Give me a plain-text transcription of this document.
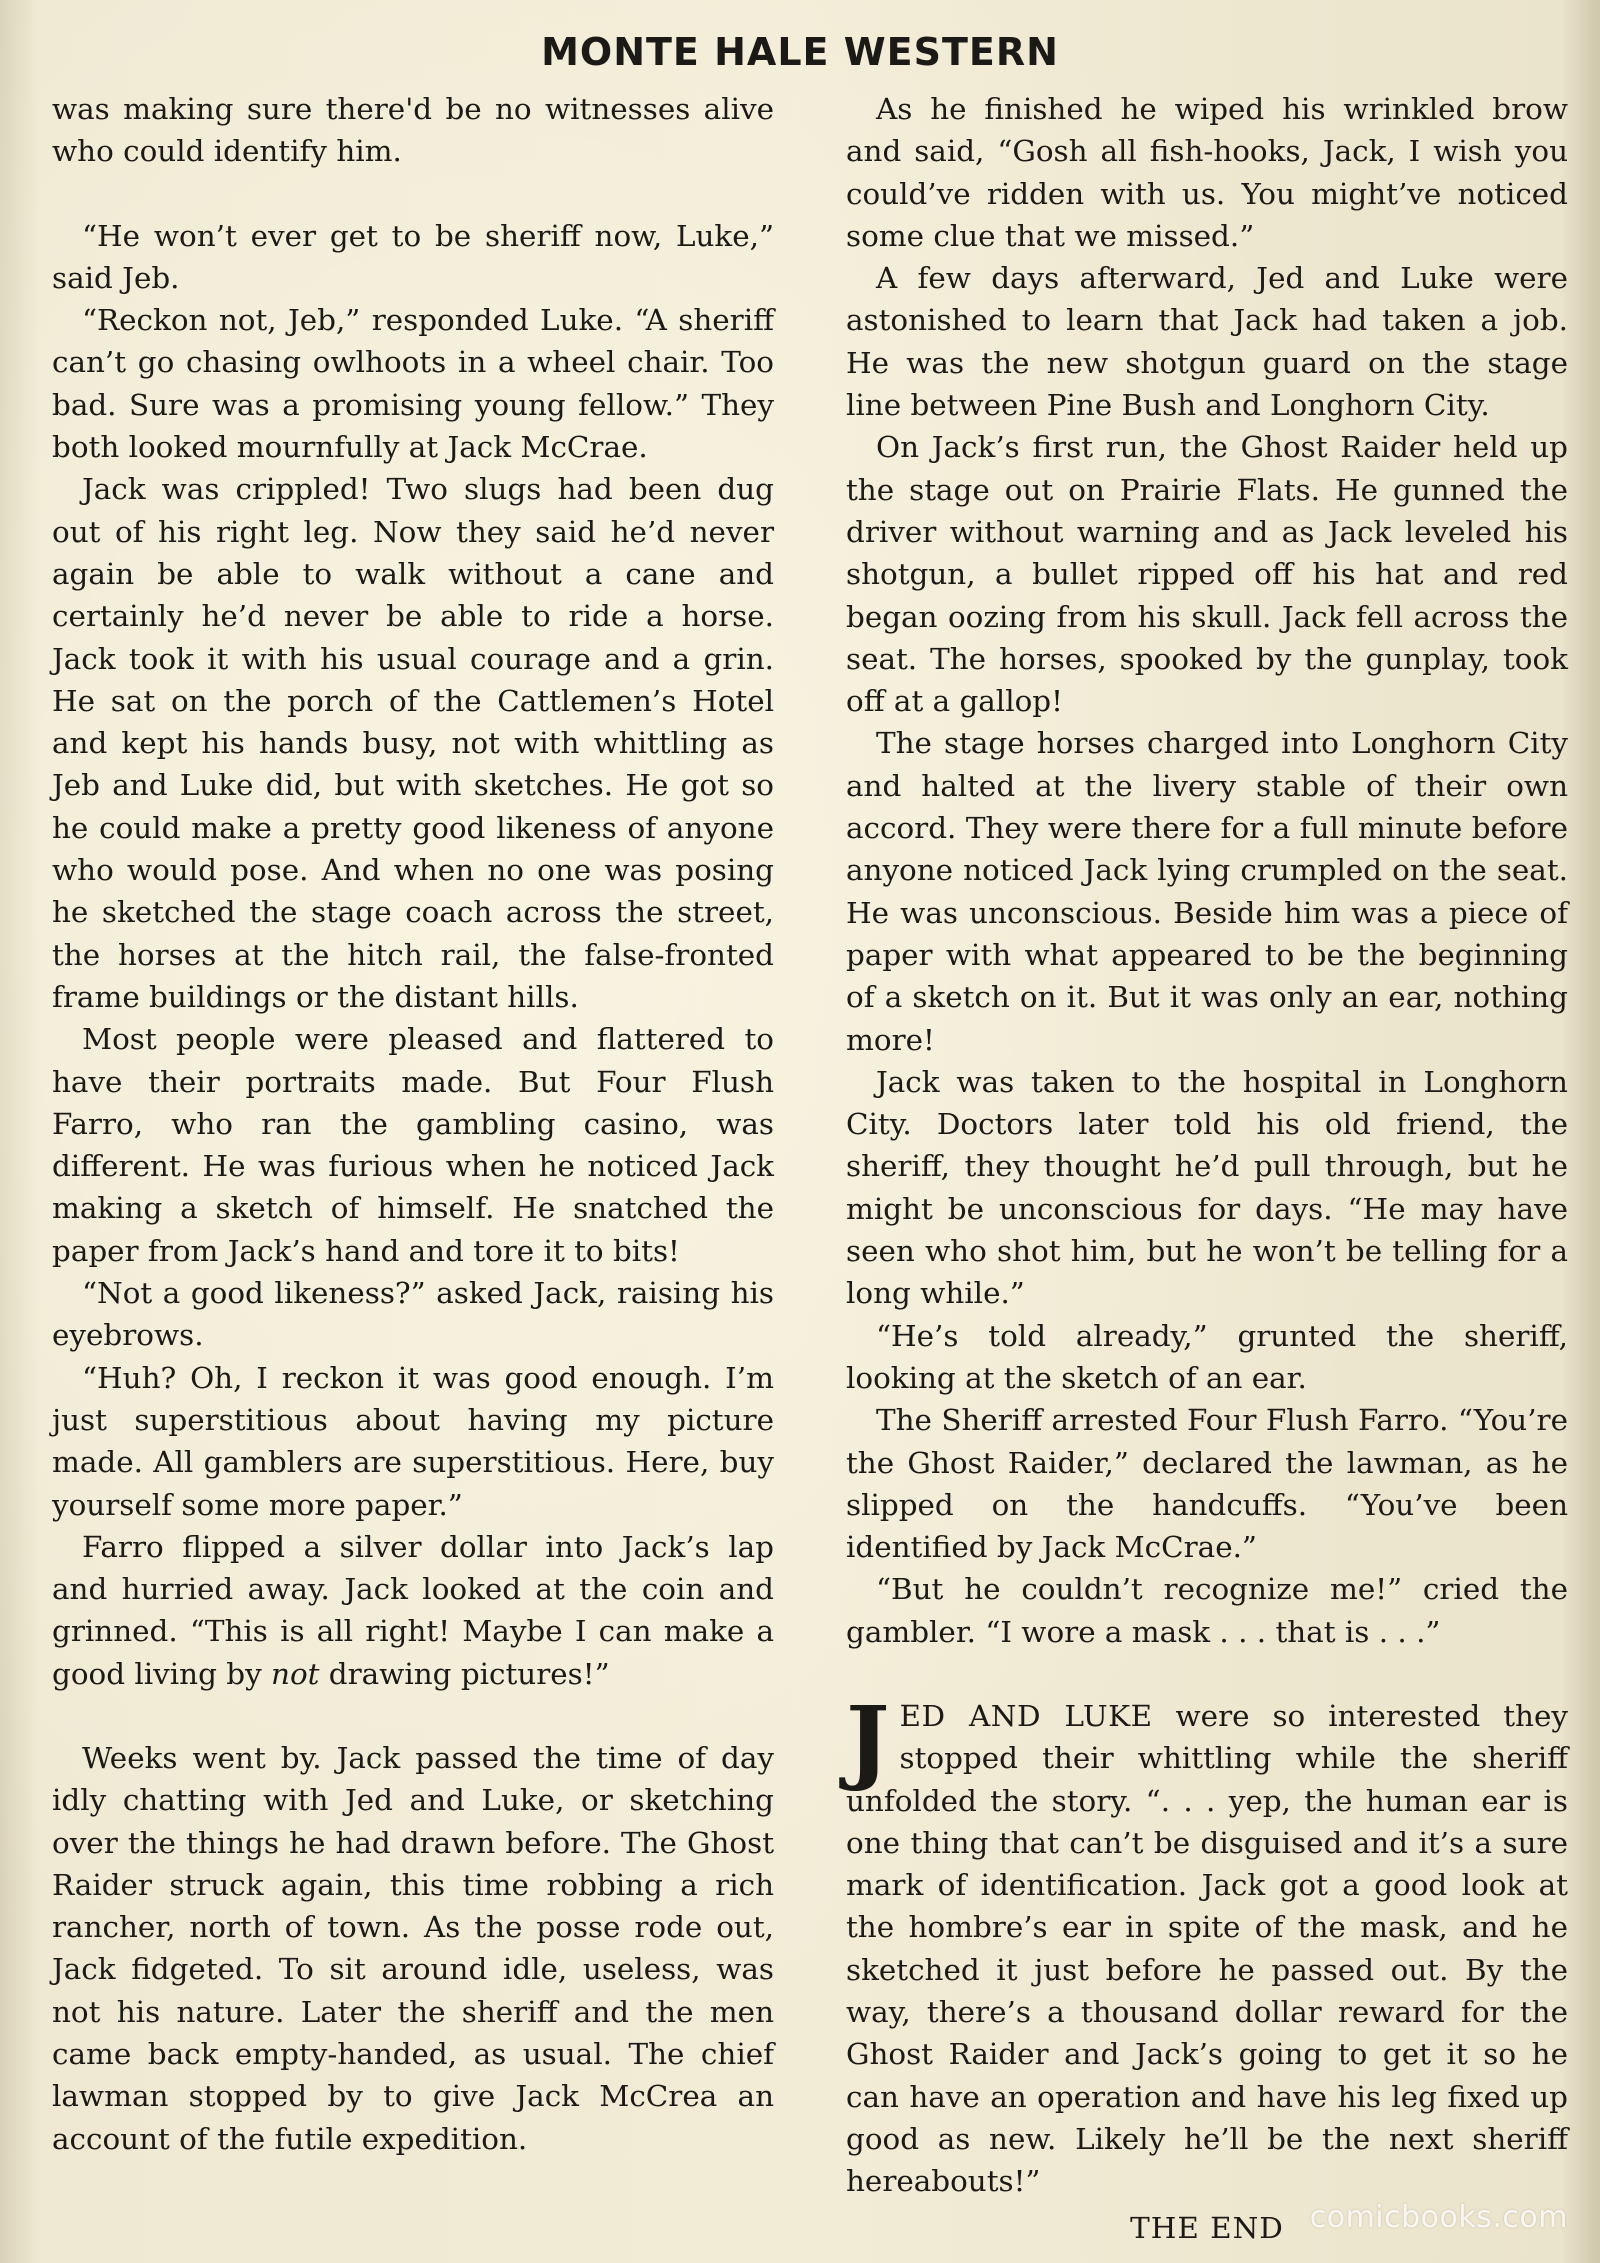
MONTE HALE WESTERN

was making sure there'd be no witnesses alive who could identify him.

“He won’t ever get to be sheriff now, Luke,” said Jeb.

“Reckon not, Jeb,” responded Luke. “A sheriff can’t go chasing owlhoots in a wheel chair. Too bad. Sure was a promising young fellow.” They both looked mournfully at Jack McCrae.

Jack was crippled! Two slugs had been dug out of his right leg. Now they said he’d never again be able to walk without a cane and certainly he’d never be able to ride a horse. Jack took it with his usual courage and a grin. He sat on the porch of the Cattlemen’s Hotel and kept his hands busy, not with whittling as Jeb and Luke did, but with sketches. He got so he could make a pretty good likeness of anyone who would pose. And when no one was posing he sketched the stage coach across the street, the horses at the hitch rail, the false-fronted frame buildings or the distant hills.

Most people were pleased and flattered to have their portraits made. But Four Flush Farro, who ran the gambling casino, was different. He was furious when he noticed Jack making a sketch of himself. He snatched the paper from Jack’s hand and tore it to bits!

“Not a good likeness?” asked Jack, raising his eyebrows.

“Huh? Oh, I reckon it was good enough. I’m just superstitious about having my picture made. All gamblers are superstitious. Here, buy yourself some more paper.”

Farro flipped a silver dollar into Jack’s lap and hurried away. Jack looked at the coin and grinned. “This is all right! Maybe I can make a good living by not drawing pictures!”

Weeks went by. Jack passed the time of day idly chatting with Jed and Luke, or sketching over the things he had drawn before. The Ghost Raider struck again, this time robbing a rich rancher, north of town. As the posse rode out, Jack fidgeted. To sit around idle, useless, was not his nature. Later the sheriff and the men came back empty-handed, as usual. The chief lawman stopped by to give Jack McCrea an account of the futile expedition.

As he finished he wiped his wrinkled brow and said, “Gosh all fish-hooks, Jack, I wish you could’ve ridden with us. You might’ve noticed some clue that we missed.”

A few days afterward, Jed and Luke were astonished to learn that Jack had taken a job. He was the new shotgun guard on the stage line between Pine Bush and Longhorn City.

On Jack’s first run, the Ghost Raider held up the stage out on Prairie Flats. He gunned the driver without warning and as Jack leveled his shotgun, a bullet ripped off his hat and red began oozing from his skull. Jack fell across the seat. The horses, spooked by the gunplay, took off at a gallop!

The stage horses charged into Longhorn City and halted at the livery stable of their own accord. They were there for a full minute before anyone noticed Jack lying crumpled on the seat. He was unconscious. Beside him was a piece of paper with what appeared to be the beginning of a sketch on it. But it was only an ear, nothing more!

Jack was taken to the hospital in Longhorn City. Doctors later told his old friend, the sheriff, they thought he’d pull through, but he might be unconscious for days. “He may have seen who shot him, but he won’t be telling for a long while.”

“He’s told already,” grunted the sheriff, looking at the sketch of an ear.

The Sheriff arrested Four Flush Farro. “You’re the Ghost Raider,” declared the lawman, as he slipped on the handcuffs. “You’ve been identified by Jack McCrae.”

“But he couldn’t recognize me!” cried the gambler. “I wore a mask . . . that is . . .”

JED AND LUKE were so interested they stopped their whittling while the sheriff unfolded the story. “. . . yep, the human ear is one thing that can’t be disguised and it’s a sure mark of identification. Jack got a good look at the hombre’s ear in spite of the mask, and he sketched it just before he passed out. By the way, there’s a thousand dollar reward for the Ghost Raider and Jack’s going to get it so he can have an operation and have his leg fixed up good as new. Likely he’ll be the next sheriff hereabouts!”

THE END comicbooks.com
